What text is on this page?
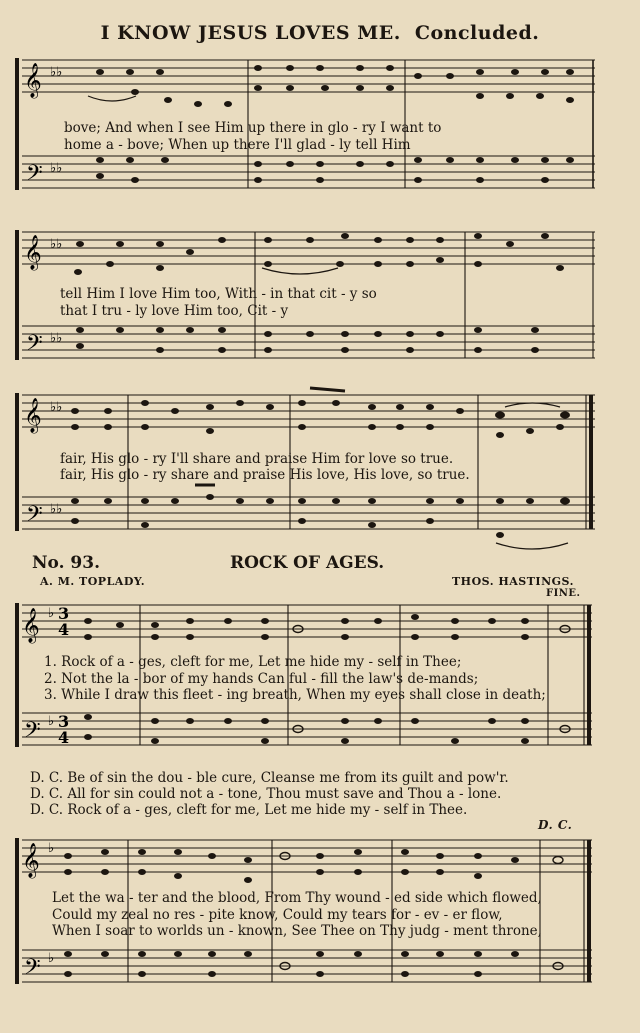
I KNOW JESUS LOVES ME. Concluded.
𝄞
𝄢
♭♭
♭♭
bove; And when I see Him up there in glo - ry I want to
home a - bove; When up there I'll glad - ly tell Him
𝄞
𝄢
♭♭
♭♭
tell Him I love Him too, With - in that cit - y so
that I tru - ly love Him too, Cit - y
𝄞
𝄢
♭♭
♭♭
fair, His glo - ry I'll share and praise Him for love so true.
fair, His glo - ry share and praise His love, His love, so true.
No. 93.	ROCK OF AGES.
A. M. TOPLADY.	THOS. HASTINGS.
FINE.
𝄞
𝄢
♭
♭
3
4
3
4
1. Rock of a - ges, cleft for me, Let me hide my - self in Thee;
2. Not the la - bor of my hands Can ful - fill the law's de-mands;
3. While I draw this fleet - ing breath, When my eyes shall close in death;
D. C. Be of sin the dou - ble cure, Cleanse me from its guilt and pow'r.
D. C. All for sin could not a - tone, Thou must save and Thou a - lone.
D. C. Rock of a - ges, cleft for me, Let me hide my - self in Thee.
D. C.
𝄞
𝄢
♭
♭
Let the wa - ter and the blood, From Thy wound - ed side which flowed,
Could my zeal no res - pite know, Could my tears for - ev - er flow,
When I soar to worlds un - known, See Thee on Thy judg - ment throne,
